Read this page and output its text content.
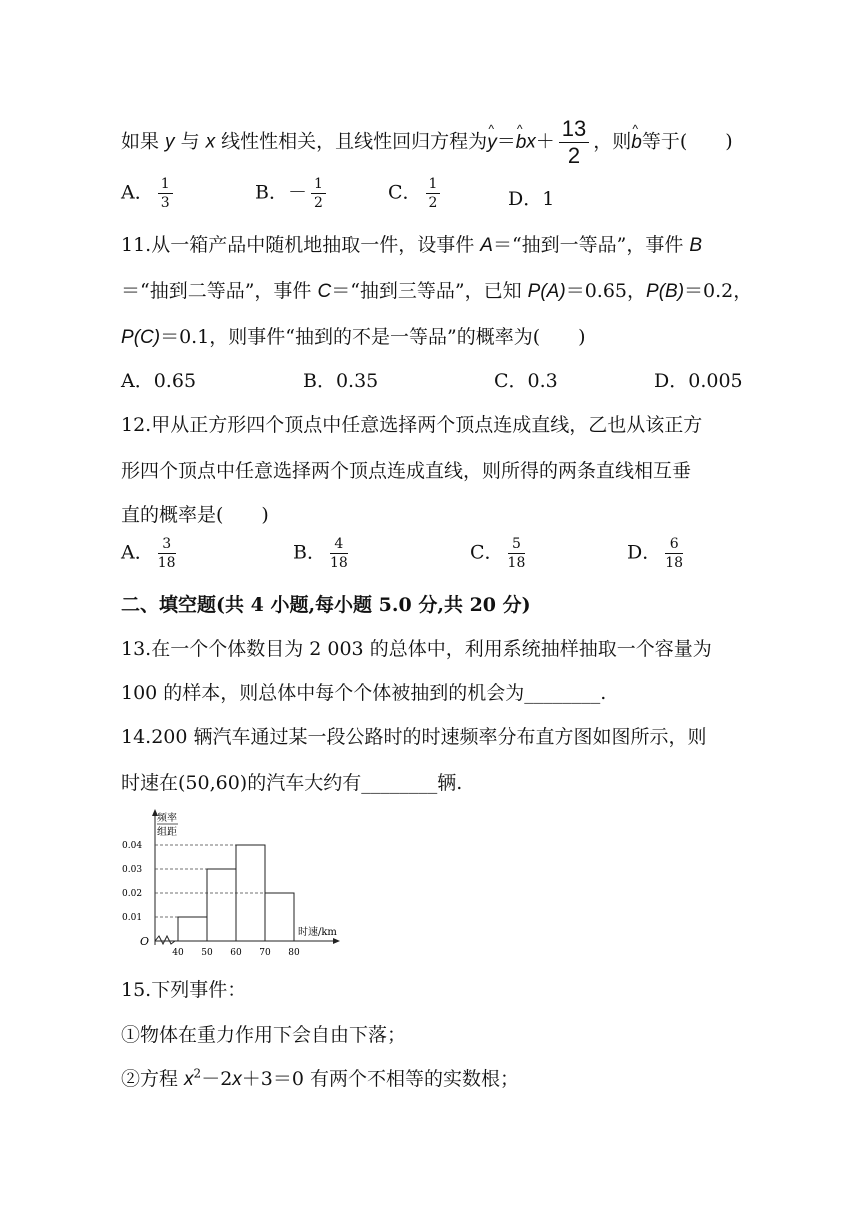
如果 y 与 x 线性性相关，且线性回归方程为y ^＝b ^x＋ $\frac{13}{2}$ ，则b ^等于(　　)
A． $\frac{1}{3}$	B．－ $\frac{1}{2}$	C． $\frac{1}{2}$	D．1
11.从一箱产品中随机地抽取一件，设事件 A＝“抽到一等品”，事件 B
＝“抽到二等品”，事件 C＝“抽到三等品”，已知 P(A)＝0.65，P(B)＝0.2，
P(C)＝0.1，则事件“抽到的不是一等品”的概率为(　　)
A．0.65	B．0.35	C．0.3	D．0.005
12.甲从正方形四个顶点中任意选择两个顶点连成直线，乙也从该正方
形四个顶点中任意选择两个顶点连成直线，则所得的两条直线相互垂
直的概率是(　　)
A． $\frac{3}{18}$	B． $\frac{4}{18}$	C． $\frac{5}{18}$	D． $\frac{6}{18}$
二、填空题(共 4 小题,每小题 5.0 分,共 20 分)
13.在一个个体数目为 2 003 的总体中，利用系统抽样抽取一个容量为
100 的样本，则总体中每个个体被抽到的机会为________.
14.200 辆汽车通过某一段公路时的时速频率分布直方图如图所示，则
时速在(50,60)的汽车大约有________辆.
O
频率
组距
时速/km
0.01
0.02
0.03
0.04
40 50 60 70 80
15.下列事件：
①物体在重力作用下会自由下落；
②方程 $x^2-2x+3=0$ 有两个不相等的实数根；
